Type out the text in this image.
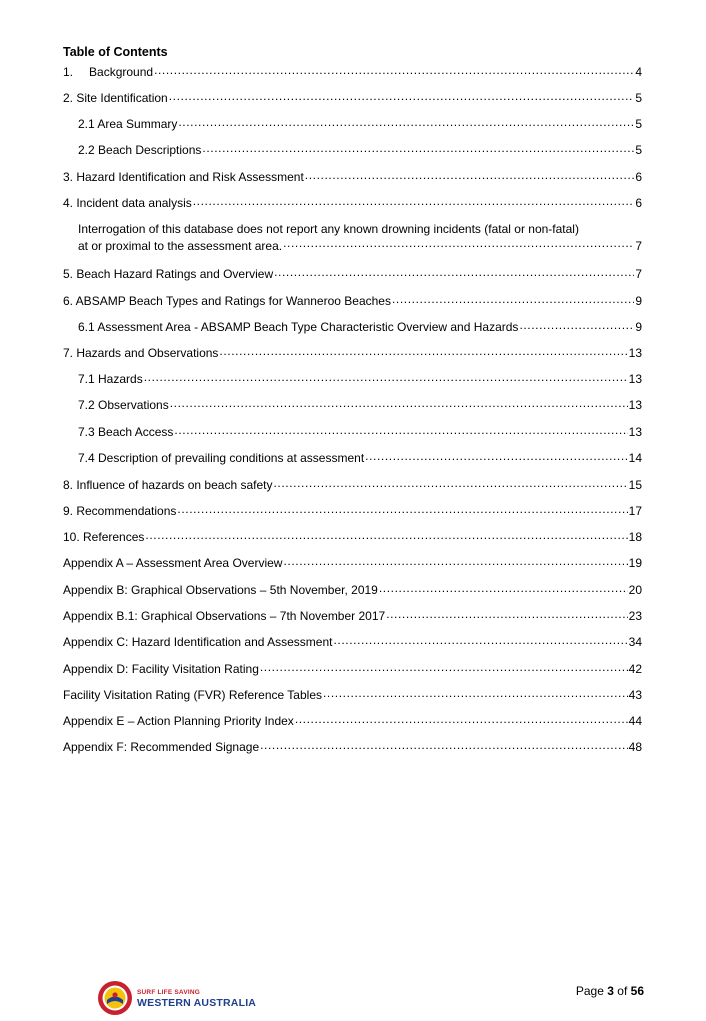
Table of Contents
1. Background .....	4
2. Site Identification .....	5
2.1 Area Summary .....	5
2.2 Beach Descriptions .....	5
3. Hazard Identification and Risk Assessment .....	6
4. Incident data analysis .....	6
Interrogation of this database does not report any known drowning incidents (fatal or non-fatal)
at or proximal to the assessment area. .....	7
5. Beach Hazard Ratings and Overview .....	7
6. ABSAMP Beach Types and Ratings for Wanneroo Beaches .....	9
6.1 Assessment Area - ABSAMP Beach Type Characteristic Overview and Hazards .....	9
7. Hazards and Observations .....	13
7.1 Hazards .....	13
7.2 Observations .....	13
7.3 Beach Access .....	13
7.4 Description of prevailing conditions at assessment .....	14
8. Influence of hazards on beach safety .....	15
9. Recommendations .....	17
10. References .....	18
Appendix A – Assessment Area Overview .....	19
Appendix B: Graphical Observations – 5th November, 2019 .....	20
Appendix B.1: Graphical Observations – 7th November 2017 .....	23
Appendix C: Hazard Identification and Assessment .....	34
Appendix D: Facility Visitation Rating .....	42
Facility Visitation Rating (FVR) Reference Tables .....	43
Appendix E – Action Planning Priority Index .....	44
Appendix F: Recommended Signage .....	48
SURF LIFE SAVING
WESTERN AUSTRALIA
Page 3 of 56
